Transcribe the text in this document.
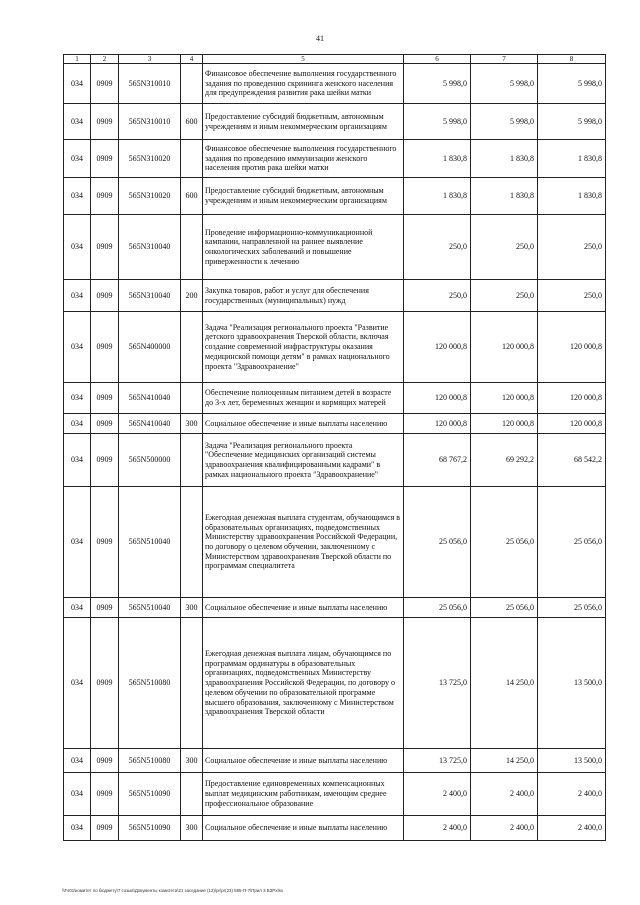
41
1	2	3	4	5	6	7	8
034	0909	565N310010		Финансовое обеспечение выполнения государственного задания по проведению скрининга женского населения для предупреждения развития рака шейки матки	5 998,0	5 998,0	5 998,0
034	0909	565N310010	600	Предоставление субсидий бюджетным, автономным учреждениям и иным некоммерческим организациям	5 998,0	5 998,0	5 998,0
034	0909	565N310020		Финансовое обеспечение выполнения государственного задания по проведению иммунизации женского населения против рака шейки матки	1 830,8	1 830,8	1 830,8
034	0909	565N310020	600	Предоставление субсидий бюджетным, автономным учреждениям и иным некоммерческим организациям	1 830,8	1 830,8	1 830,8
034	0909	565N310040		Проведение информационно-коммуникационной кампании, направленной на раннее выявление онкологических заболеваний и повышение приверженности к лечению	250,0	250,0	250,0
034	0909	565N310040	200	Закупка товаров, работ и услуг для обеспечения государственных (муниципальных) нужд	250,0	250,0	250,0
034	0909	565N400000		Задача "Реализация регионального проекта "Развитие детского здравоохранения Тверской области, включая создание современной инфраструктуры оказания медицинской помощи детям" в рамках национального проекта "Здравоохранение"	120 000,8	120 000,8	120 000,8
034	0909	565N410040		Обеспечение полноценным питанием детей в возрасте до 3-х лет, беременных женщин и кормящих матерей	120 000,8	120 000,8	120 000,8
034	0909	565N410040	300	Социальное обеспечение и иные выплаты населению	120 000,8	120 000,8	120 000,8
034	0909	565N500000		Задача "Реализация регионального проекта "Обеспечение медицинских организаций системы здравоохранения квалифицированными кадрами" в рамках национального проекта "Здравоохранение"	68 767,2	69 292,2	68 542,2
034	0909	565N510040		Ежегодная денежная выплата студентам, обучающимся в образовательных организациях, подведомственных Министерству здравоохранения Российской Федерации, по договору о целевом обучении, заключенному с Министерством здравоохранения Тверской области по программам специалитета	25 056,0	25 056,0	25 056,0
034	0909	565N510040	300	Социальное обеспечение и иные выплаты населению	25 056,0	25 056,0	25 056,0
034	0909	565N510080		Ежегодная денежная выплата лицам, обучающимся по программам ординатуры в образовательных организациях, подведомственных Министерству здравоохранения Российской Федерации, по договору о целевом обучении по образовательной программе высшего образования, заключенному с Министерством здравоохранения Тверской области	13 725,0	14 250,0	13 500,0
034	0909	565N510080	300	Социальное обеспечение и иные выплаты населению	13 725,0	14 250,0	13 500,0
034	0909	565N510090		Предоставление единовременных компенсационных выплат медицинским работникам, имеющим среднее профессиональное образование	2 400,0	2 400,0	2 400,0
034	0909	565N510090	300	Социальное обеспечение и иные выплаты населению	2 400,0	2 400,0	2 400,0
\\Fs01\комитет по бюджету\7 созыв\Документы комитета\21 заседание (12)\pr\pr(23) 585-П-7\Прил 3 БЗР.xlsx
